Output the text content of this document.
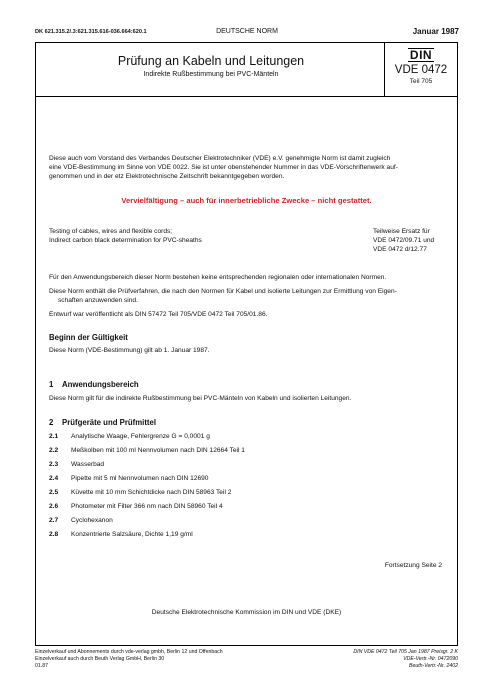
DK 621.315.2/.3:621.315.616-036.664:620.1	DEUTSCHE NORM	Januar 1987
Prüfung an Kabeln und Leitungen
Indirekte Rußbestimmung bei PVC-Mänteln
DIN
VDE 0472
Teil 705
Diese auch vom Vorstand des Verbandes Deutscher Elektrotechniker (VDE) e.V. genehmigte Norm ist damit zugleich
eine VDE-Bestimmung im Sinne von VDE 0022. Sie ist unter obenstehender Nummer in das VDE-Vorschriftenwerk auf-
genommen und in der etz Elektrotechnische Zeitschrift bekanntgegeben worden.
Vervielfältigung – auch für innerbetriebliche Zwecke – nicht gestattet.
Testing of cables, wires and flexible cords;
Indirect carbon black determination for PVC-sheaths
Teilweise Ersatz für
VDE 0472/09.71 und
VDE 0472 d/12.77
Für den Anwendungsbereich dieser Norm bestehen keine entsprechenden regionalen oder internationalen Normen.
Diese Norm enthält die Prüfverfahren, die nach den Normen für Kabel und isolierte Leitungen zur Ermittlung von Eigen-
schaften anzuwenden sind.
Entwurf war veröffentlicht als DIN 57472 Teil 705/VDE 0472 Teil 705/01.86.
Beginn der Gültigkeit
Diese Norm (VDE-Bestimmung) gilt ab 1. Januar 1987.
1 Anwendungsbereich
Diese Norm gilt für die indirekte Rußbestimmung bei PVC-Mänteln von Kabeln und isolierten Leitungen.
2 Prüfgeräte und Prüfmittel
2.1	Analytische Waage, Fehlergrenze G = 0,0001 g
2.2	Meßkolben mit 100 ml Nennvolumen nach DIN 12664 Teil 1
2.3	Wasserbad
2.4	Pipette mit 5 ml Nennvolumen nach DIN 12690
2.5	Küvette mit 10 mm Schichtdicke nach DIN 58963 Teil 2
2.6	Photometer mit Filter 366 nm nach DIN 58960 Teil 4
2.7	Cyclohexanon
2.8	Konzentrierte Salzsäure, Dichte 1,19 g/ml
Fortsetzung Seite 2
Deutsche Elektrotechnische Kommission im DIN und VDE (DKE)
Einzelverkauf und Abonnements durch vde-verlag gmbh, Berlin 12 und Offenbach
Einzelverkauf auch durch Beuth Verlag GmbH, Berlin 30
01.87
DIN VDE 0472 Teil 705 Jan 1987 Preisgr. 2 K
VDE-Vertr.-Nr. 0472090
Beuth-Vertr.-Nr. 2402
